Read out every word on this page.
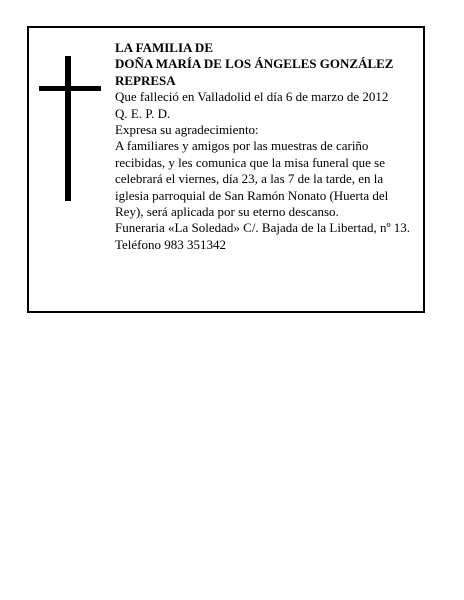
LA FAMILIA DE
DOÑA MARÍA DE LOS ÁNGELES GONZÁLEZ
REPRESA
Que falleció en Valladolid el día 6 de marzo de 2012
Q. E. P. D.
Expresa su agradecimiento:
A familiares y amigos por las muestras de cariño
recibidas, y les comunica que la misa funeral que se
celebrará el viernes, día 23, a las 7 de la tarde, en la
iglesia parroquial de San Ramón Nonato (Huerta del
Rey), será aplicada por su eterno descanso.
Funeraria «La Soledad» C/. Bajada de la Libertad, nº 13.
Teléfono 983 351342
